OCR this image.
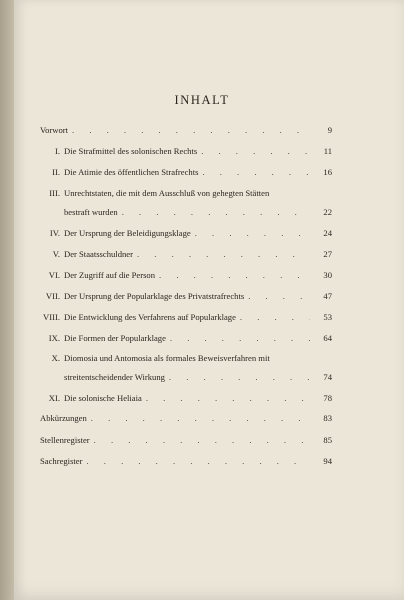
INHALT
Vorwort . . .	9
I. Die Strafmittel des solonischen Rechts . . .	11
II. Die Atimie des öffentlichen Strafrechts . . .	16
III. Unrechtstaten, die mit dem Ausschluß von gehegten Stätten
bestraft wurden . . .	22
IV. Der Ursprung der Beleidigungsklage . . .	24
V. Der Staatsschuldner . . .	27
VI. Der Zugriff auf die Person . . .	30
VII. Der Ursprung der Popularklage des Privatstrafrechts . . .	47
VIII. Die Entwicklung des Verfahrens auf Popularklage . . .	53
IX. Die Formen der Popularklage . . .	64
X. Diomosia und Antomosia als formales Beweisverfahren mit
streitentscheidender Wirkung . . .	74
XI. Die solonische Heliaia . . .	78
Abkürzungen . . .	83
Stellenregister . . .	85
Sachregister . . .	94
